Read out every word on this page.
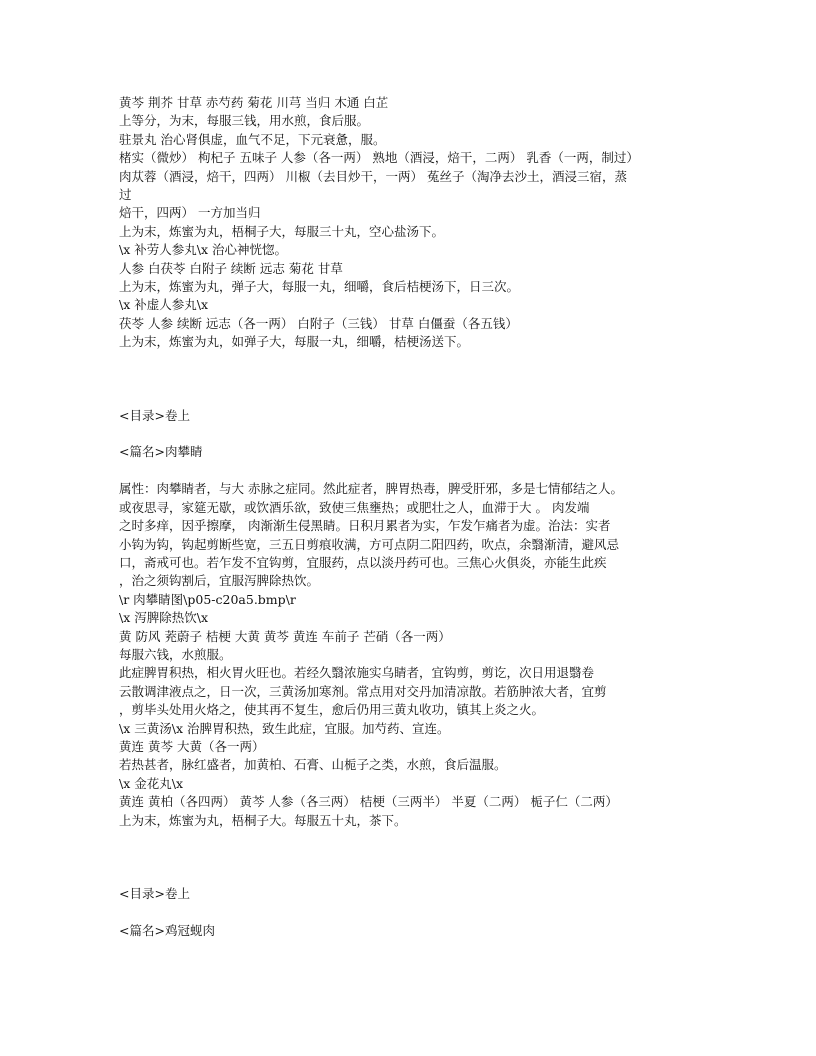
黄芩 荆芥 甘草 赤芍药 菊花 川芎 当归 木通 白芷
上等分，为末，每服三钱，用水煎，食后服。
驻景丸 治心肾俱虚，血气不足，下元衰惫，服。
楮实（微炒） 枸杞子 五味子 人参（各一两） 熟地（酒浸，焙干，二两） 乳香（一两，制过）
肉苁蓉（酒浸，焙干，四两） 川椒（去目炒干，一两） 菟丝子（淘净去沙土，酒浸三宿，蒸
过
焙干，四两） 一方加当归
上为末，炼蜜为丸，梧桐子大，每服三十丸，空心盐汤下。
\x 补劳人参丸\x 治心神恍惚。
人参 白茯苓 白附子 续断 远志 菊花 甘草
上为末，炼蜜为丸，弹子大，每服一丸，细嚼，食后桔梗汤下，日三次。
\x 补虚人参丸\x
茯苓 人参 续断 远志（各一两） 白附子（三钱） 甘草 白僵蚕（各五钱）
上为末，炼蜜为丸，如弹子大，每服一丸，细嚼，桔梗汤送下。
<目录>卷上
<篇名>肉攀睛
属性：肉攀睛者，与大 赤脉之症同。然此症者，脾胃热毒，脾受肝邪，多是七情郁结之人。
或夜思寻，家筵无歇，或饮酒乐欲，致使三焦壅热；或肥壮之人，血滞于大 。 肉发端
之时多痒，因乎擦摩， 肉渐渐生侵黑睛。日积月累者为实，乍发乍痛者为虚。治法：实者
小钩为钩，钩起剪断些宽，三五日剪痕收满，方可点阴二阳四药，吹点，余翳渐清，避风忌
口，斋戒可也。若乍发不宜钩剪，宜服药，点以淡丹药可也。三焦心火俱炎，亦能生此疾
，治之须钩割后，宜服泻脾除热饮。
\r 肉攀睛图\p05-c20a5.bmp\r
\x 泻脾除热饮\x
黄 防风 茺蔚子 桔梗 大黄 黄芩 黄连 车前子 芒硝（各一两）
每服六钱，水煎服。
此症脾胃积热，相火胃火旺也。若经久翳浓施实乌睛者，宜钩剪，剪讫，次日用退翳卷
云散调津液点之，日一次，三黄汤加寒剂。常点用对交丹加清凉散。若筋肿浓大者，宜剪
，剪毕头处用火烙之，使其再不复生，愈后仍用三黄丸收功，镇其上炎之火。
\x 三黄汤\x 治脾胃积热，致生此症，宜服。加芍药、宣连。
黄连 黄芩 大黄（各一两）
若热甚者，脉红盛者，加黄柏、石膏、山栀子之类，水煎，食后温服。
\x 金花丸\x
黄连 黄柏（各四两） 黄芩 人参（各三两） 桔梗（三两半） 半夏（二两） 栀子仁（二两）
上为末，炼蜜为丸，梧桐子大。每服五十丸，茶下。
<目录>卷上
<篇名>鸡冠蚬肉
